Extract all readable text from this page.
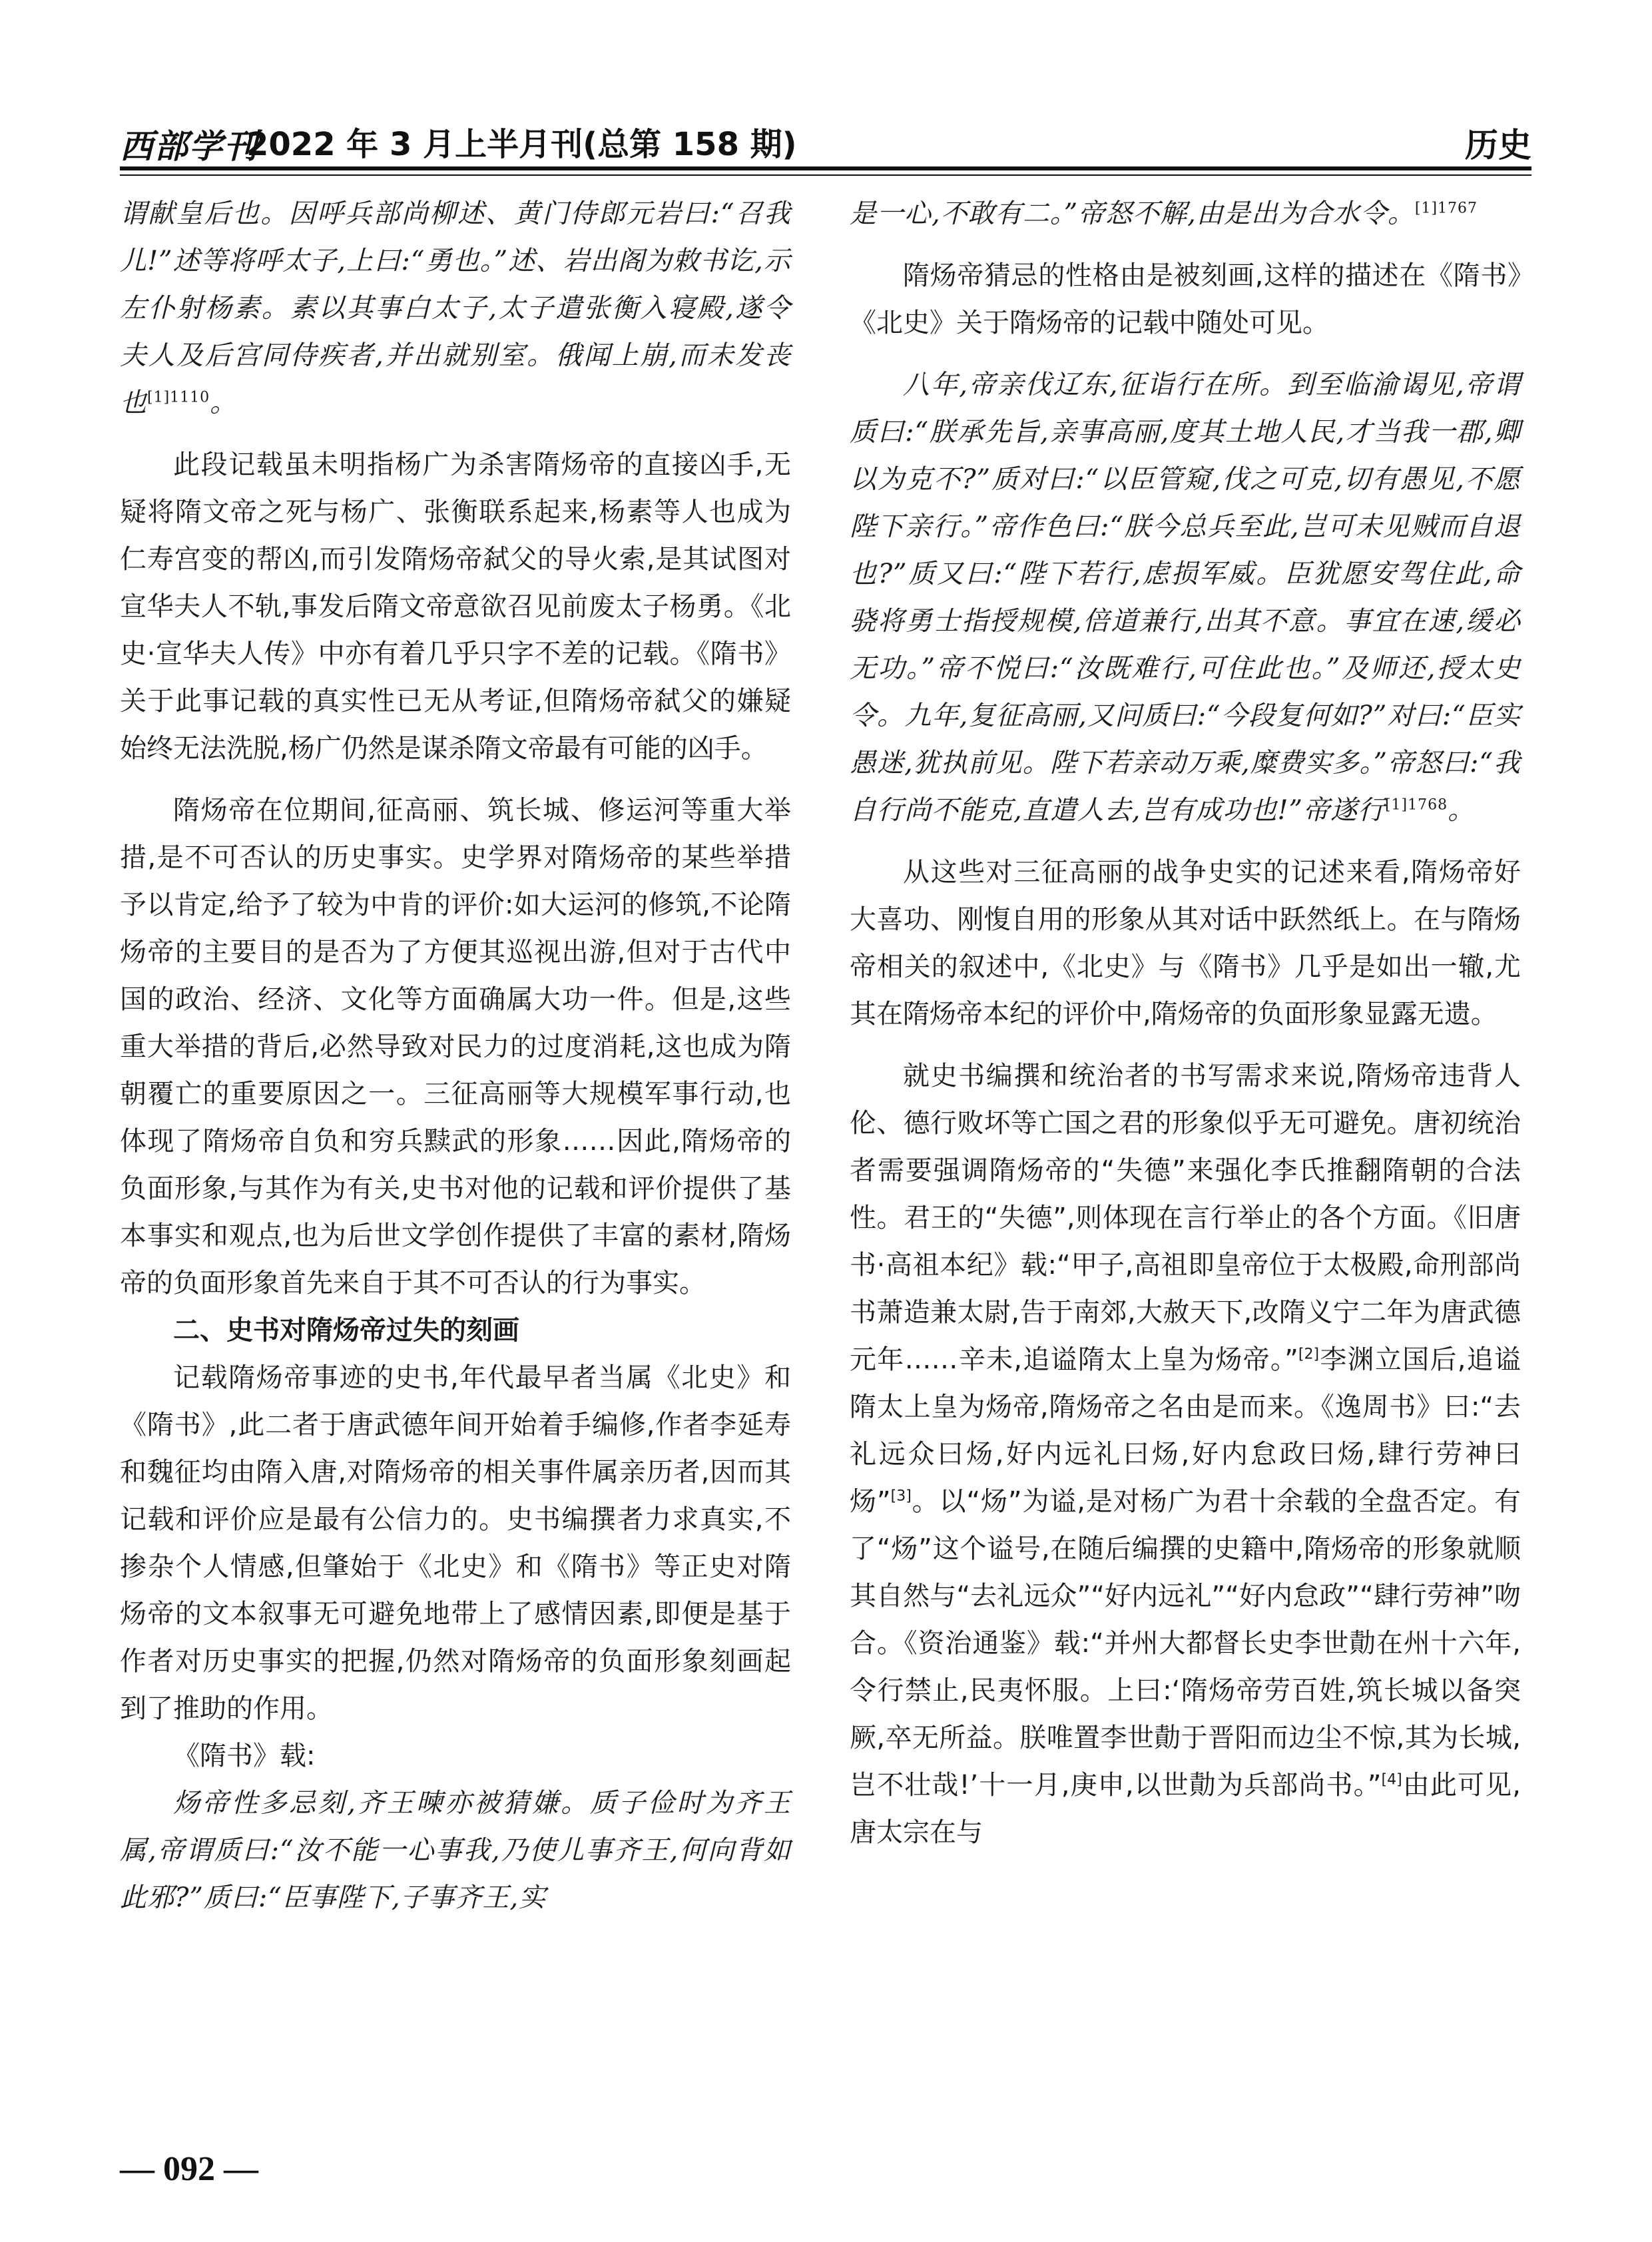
西部学刊
2022 年 3 月上半月刊(总第 158 期)	历史

谓献皇后也。因呼兵部尚柳述、黄门侍郎元岩曰:“召我儿!”述等将呼太子,上曰:“勇也。”述、岩出阁为敕书讫,示左仆射杨素。素以其事白太子,太子遣张衡入寝殿,遂令夫人及后宫同侍疾者,并出就别室。俄闻上崩,而未发丧也$^{[1]1110}$。

此段记载虽未明指杨广为杀害隋炀帝的直接凶手,无疑将隋文帝之死与杨广、张衡联系起来,杨素等人也成为仁寿宫变的帮凶,而引发隋炀帝弑父的导火索,是其试图对宣华夫人不轨,事发后隋文帝意欲召见前废太子杨勇。《北史·宣华夫人传》中亦有着几乎只字不差的记载。《隋书》关于此事记载的真实性已无从考证,但隋炀帝弑父的嫌疑始终无法洗脱,杨广仍然是谋杀隋文帝最有可能的凶手。

隋炀帝在位期间,征高丽、筑长城、修运河等重大举措,是不可否认的历史事实。史学界对隋炀帝的某些举措予以肯定,给予了较为中肯的评价:如大运河的修筑,不论隋炀帝的主要目的是否为了方便其巡视出游,但对于古代中国的政治、经济、文化等方面确属大功一件。但是,这些重大举措的背后,必然导致对民力的过度消耗,这也成为隋朝覆亡的重要原因之一。三征高丽等大规模军事行动,也体现了隋炀帝自负和穷兵黩武的形象……因此,隋炀帝的负面形象,与其作为有关,史书对他的记载和评价提供了基本事实和观点,也为后世文学创作提供了丰富的素材,隋炀帝的负面形象首先来自于其不可否认的行为事实。

二、史书对隋炀帝过失的刻画

记载隋炀帝事迹的史书,年代最早者当属《北史》和《隋书》,此二者于唐武德年间开始着手编修,作者李延寿和魏征均由隋入唐,对隋炀帝的相关事件属亲历者,因而其记载和评价应是最有公信力的。史书编撰者力求真实,不掺杂个人情感,但肇始于《北史》和《隋书》等正史对隋炀帝的文本叙事无可避免地带上了感情因素,即便是基于作者对历史事实的把握,仍然对隋炀帝的负面形象刻画起到了推助的作用。

《隋书》载:

炀帝性多忌刻,齐王暕亦被猜嫌。质子俭时为齐王属,帝谓质曰:“汝不能一心事我,乃使儿事齐王,何向背如此邪?”质曰:“臣事陛下,子事齐王,实

是一心,不敢有二。”帝怒不解,由是出为合水令。$^{[1]1767}$

隋炀帝猜忌的性格由是被刻画,这样的描述在《隋书》《北史》关于隋炀帝的记载中随处可见。

八年,帝亲伐辽东,征诣行在所。到至临渝谒见,帝谓质曰:“朕承先旨,亲事高丽,度其土地人民,才当我一郡,卿以为克不?”质对曰:“以臣管窥,伐之可克,切有愚见,不愿陛下亲行。”帝作色曰:“朕今总兵至此,岂可未见贼而自退也?”质又曰:“陛下若行,虑损军威。臣犹愿安驾住此,命骁将勇士指授规模,倍道兼行,出其不意。事宜在速,缓必无功。”帝不悦曰:“汝既难行,可住此也。”及师还,授太史令。九年,复征高丽,又问质曰:“今段复何如?”对曰:“臣实愚迷,犹执前见。陛下若亲动万乘,糜费实多。”帝怒曰:“我自行尚不能克,直遣人去,岂有成功也!”帝遂行$^{[1]1768}$。

从这些对三征高丽的战争史实的记述来看,隋炀帝好大喜功、刚愎自用的形象从其对话中跃然纸上。在与隋炀帝相关的叙述中,《北史》与《隋书》几乎是如出一辙,尤其在隋炀帝本纪的评价中,隋炀帝的负面形象显露无遗。

就史书编撰和统治者的书写需求来说,隋炀帝违背人伦、德行败坏等亡国之君的形象似乎无可避免。唐初统治者需要强调隋炀帝的“失德”来强化李氏推翻隋朝的合法性。君王的“失德”,则体现在言行举止的各个方面。《旧唐书·高祖本纪》载:“甲子,高祖即皇帝位于太极殿,命刑部尚书萧造兼太尉,告于南郊,大赦天下,改隋义宁二年为唐武德元年……辛未,追谥隋太上皇为炀帝。”[2]李渊立国后,追谥隋太上皇为炀帝,隋炀帝之名由是而来。《逸周书》曰:“去礼远众曰炀,好内远礼曰炀,好内怠政曰炀,肆行劳神曰炀”[3]。以“炀”为谥,是对杨广为君十余载的全盘否定。有了“炀”这个谥号,在随后编撰的史籍中,隋炀帝的形象就顺其自然与“去礼远众”“好内远礼”“好内怠政”“肆行劳神”吻合。《资治通鉴》载:“并州大都督长史李世勣在州十六年,令行禁止,民夷怀服。上曰:‘隋炀帝劳百姓,筑长城以备突厥,卒无所益。朕唯置李世勣于晋阳而边尘不惊,其为长城,岂不壮哉!’十一月,庚申,以世勣为兵部尚书。”[4]由此可见,唐太宗在与

— 092 —
